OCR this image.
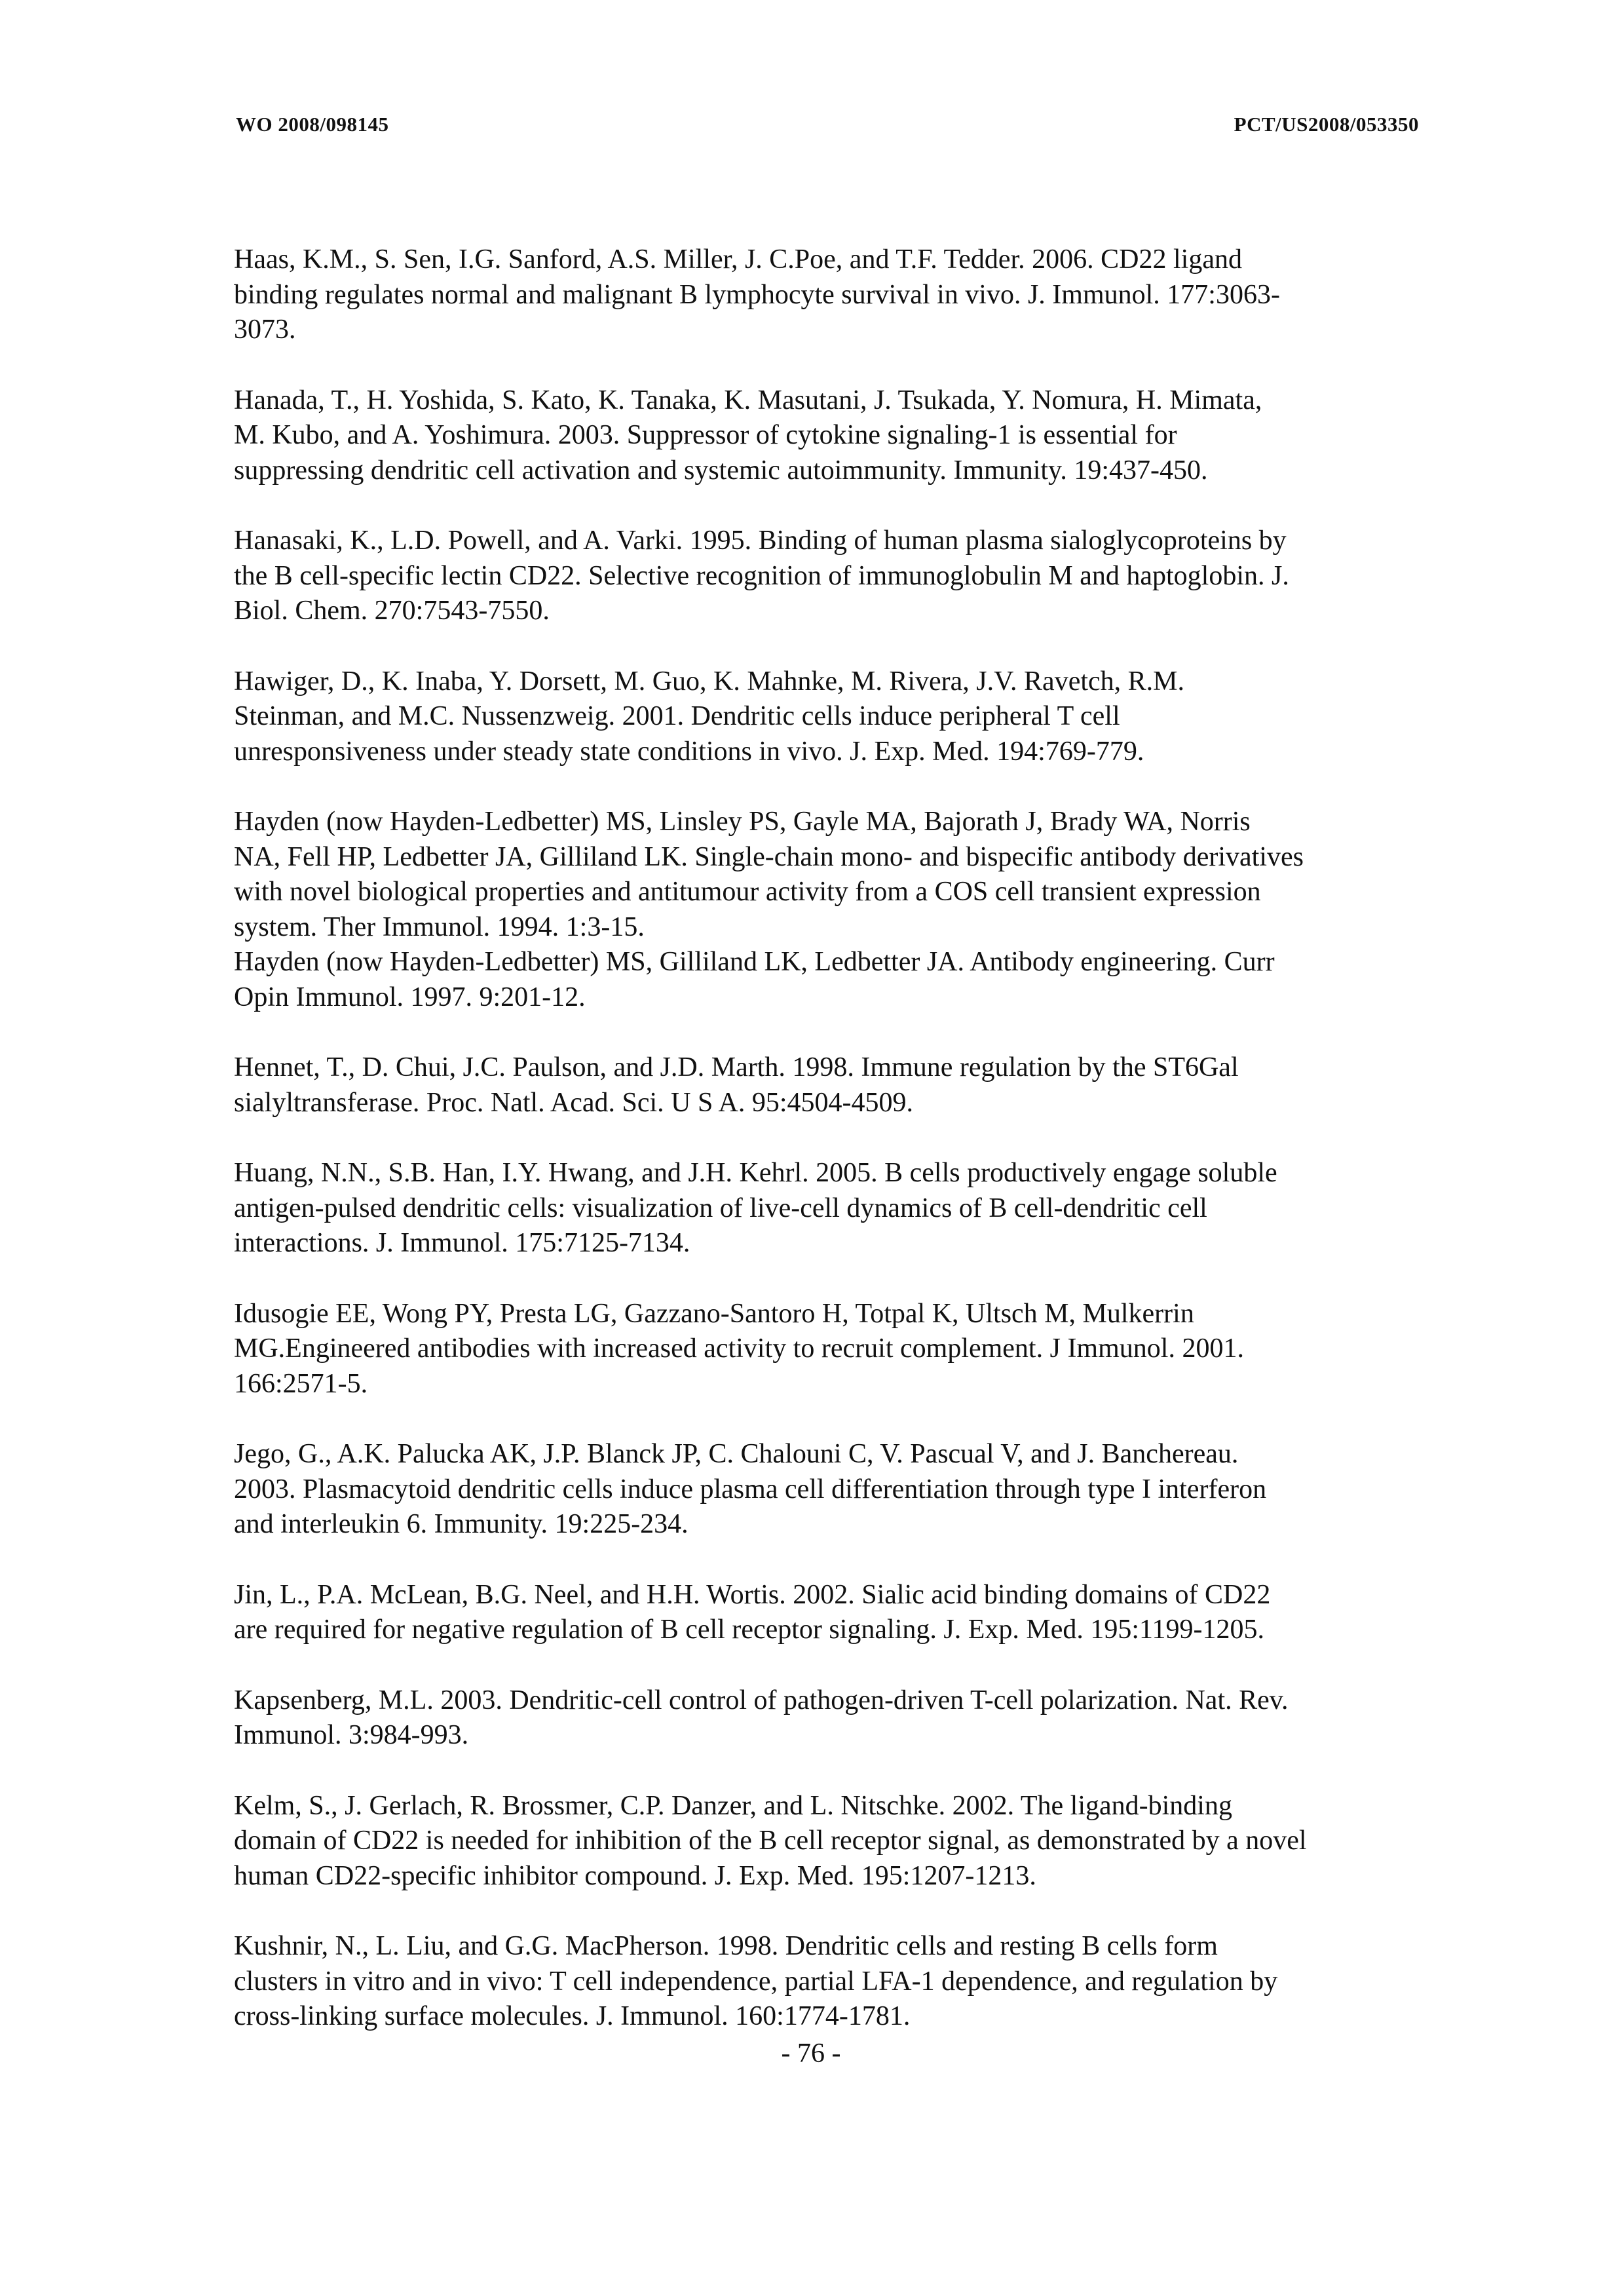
WO 2008/098145	PCT/US2008/053350

Haas, K.M., S. Sen, I.G. Sanford, A.S. Miller, J. C.Poe, and T.F. Tedder. 2006. CD22 ligand
binding regulates normal and malignant B lymphocyte survival in vivo. J. Immunol. 177:3063-
3073.

Hanada, T., H. Yoshida, S. Kato, K. Tanaka, K. Masutani, J. Tsukada, Y. Nomura, H. Mimata,
M. Kubo, and A. Yoshimura. 2003. Suppressor of cytokine signaling-1 is essential for
suppressing dendritic cell activation and systemic autoimmunity. Immunity. 19:437-450.

Hanasaki, K., L.D. Powell, and A. Varki. 1995. Binding of human plasma sialoglycoproteins by
the B cell-specific lectin CD22. Selective recognition of immunoglobulin M and haptoglobin. J.
Biol. Chem. 270:7543-7550.

Hawiger, D., K. Inaba, Y. Dorsett, M. Guo, K. Mahnke, M. Rivera, J.V. Ravetch, R.M.
Steinman, and M.C. Nussenzweig. 2001. Dendritic cells induce peripheral T cell
unresponsiveness under steady state conditions in vivo. J. Exp. Med. 194:769-779.

Hayden (now Hayden-Ledbetter) MS, Linsley PS, Gayle MA, Bajorath J, Brady WA, Norris
NA, Fell HP, Ledbetter JA, Gilliland LK. Single-chain mono- and bispecific antibody derivatives
with novel biological properties and antitumour activity from a COS cell transient expression
system. Ther Immunol. 1994. 1:3-15.

Hayden (now Hayden-Ledbetter) MS, Gilliland LK, Ledbetter JA. Antibody engineering. Curr
Opin Immunol. 1997. 9:201-12.

Hennet, T., D. Chui, J.C. Paulson, and J.D. Marth. 1998. Immune regulation by the ST6Gal
sialyltransferase. Proc. Natl. Acad. Sci. U S A. 95:4504-4509.

Huang, N.N., S.B. Han, I.Y. Hwang, and J.H. Kehrl. 2005. B cells productively engage soluble
antigen-pulsed dendritic cells: visualization of live-cell dynamics of B cell-dendritic cell
interactions. J. Immunol. 175:7125-7134.

Idusogie EE, Wong PY, Presta LG, Gazzano-Santoro H, Totpal K, Ultsch M, Mulkerrin
MG.Engineered antibodies with increased activity to recruit complement. J Immunol. 2001.
166:2571-5.

Jego, G., A.K. Palucka AK, J.P. Blanck JP, C. Chalouni C, V. Pascual V, and J. Banchereau.
2003. Plasmacytoid dendritic cells induce plasma cell differentiation through type I interferon
and interleukin 6. Immunity. 19:225-234.

Jin, L., P.A. McLean, B.G. Neel, and H.H. Wortis. 2002. Sialic acid binding domains of CD22
are required for negative regulation of B cell receptor signaling. J. Exp. Med. 195:1199-1205.

Kapsenberg, M.L. 2003. Dendritic-cell control of pathogen-driven T-cell polarization. Nat. Rev.
Immunol. 3:984-993.

Kelm, S., J. Gerlach, R. Brossmer, C.P. Danzer, and L. Nitschke. 2002. The ligand-binding
domain of CD22 is needed for inhibition of the B cell receptor signal, as demonstrated by a novel
human CD22-specific inhibitor compound. J. Exp. Med. 195:1207-1213.

Kushnir, N., L. Liu, and G.G. MacPherson. 1998. Dendritic cells and resting B cells form
clusters in vitro and in vivo: T cell independence, partial LFA-1 dependence, and regulation by
cross-linking surface molecules. J. Immunol. 160:1774-1781.

- 76 -
